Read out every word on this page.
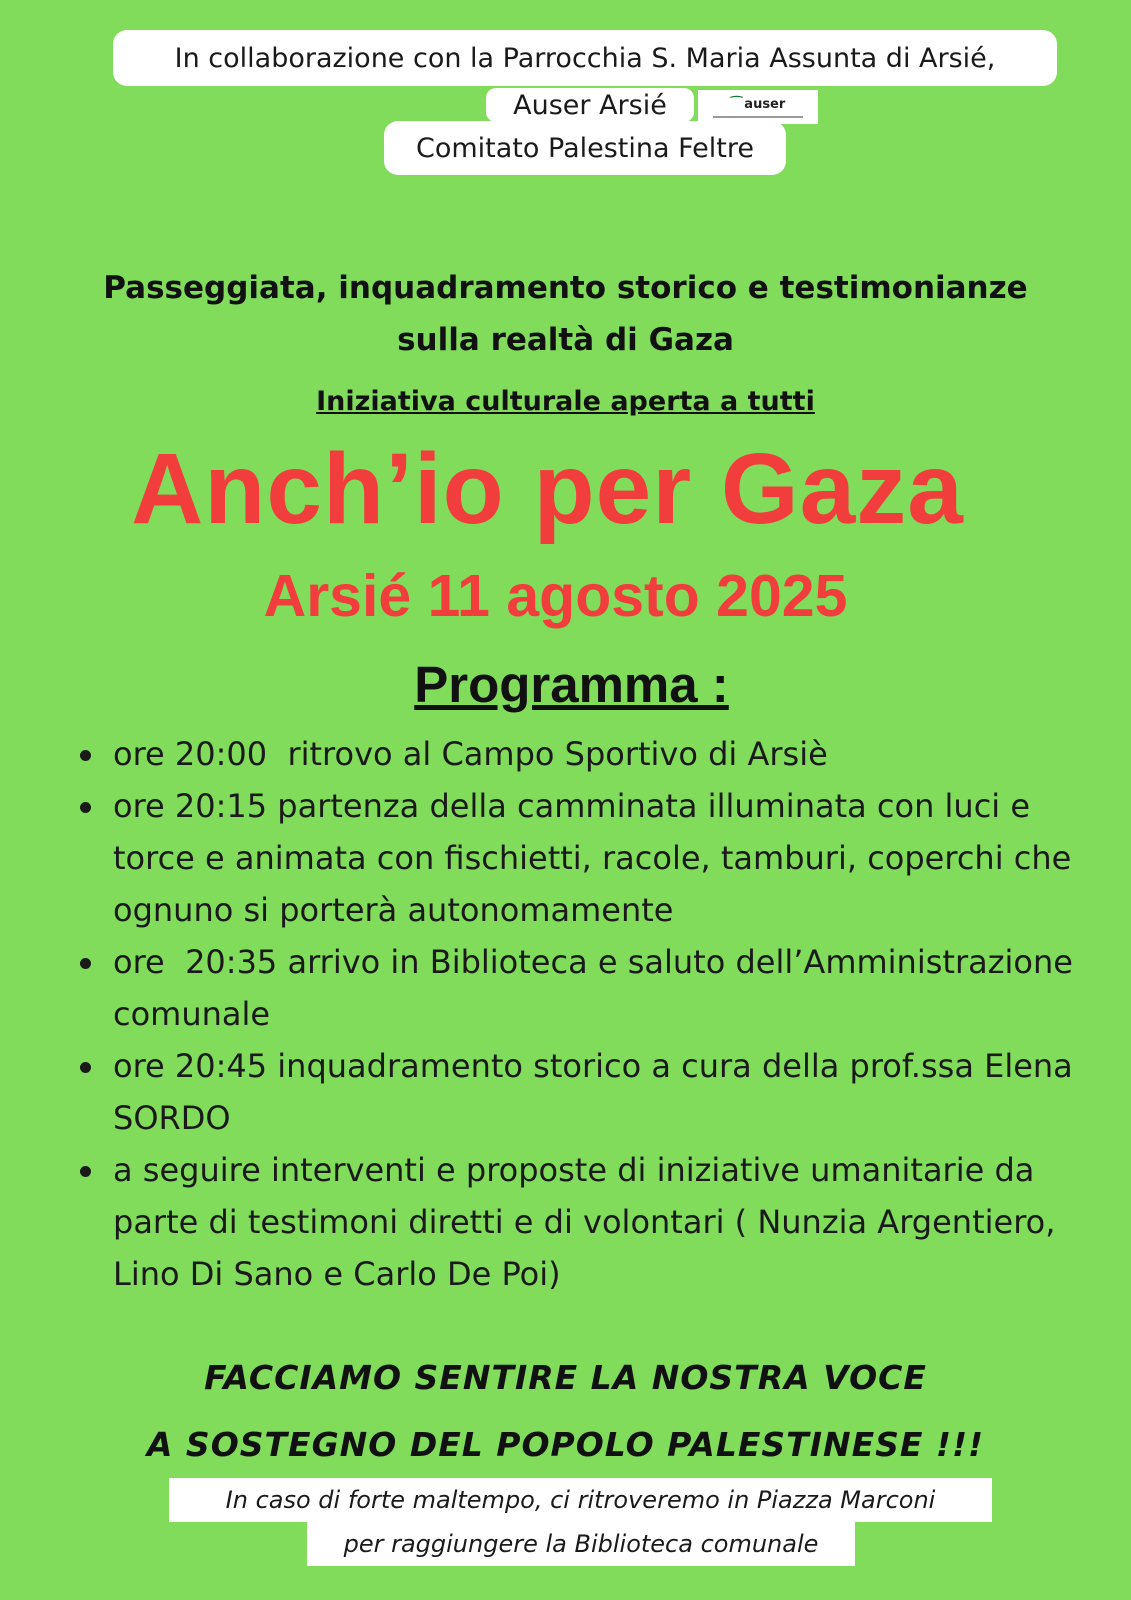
In collaborazione con la Parrocchia S. Maria Assunta di Arsié,
Auser Arsié	⁀ auser
Comitato Palestina Feltre
Passeggiata, inquadramento storico e testimonianze
sulla realtà di Gaza
Iniziativa culturale aperta a tutti
Anch’io per Gaza
Arsié 11 agosto 2025
Programma :
ore 20:00  ritrovo al Campo Sportivo di Arsiè
ore 20:15 partenza della camminata illuminata con luci e torce e animata con fischietti, racole, tamburi, coperchi che ognuno si porterà autonomamente
ore  20:35 arrivo in Biblioteca e saluto dell’Amministrazione comunale
ore 20:45 inquadramento storico a cura della prof.ssa Elena SORDO
a seguire interventi e proposte di iniziative umanitarie da parte di testimoni diretti e di volontari ( Nunzia Argentiero, Lino Di Sano e Carlo De Poi)
FACCIAMO SENTIRE LA NOSTRA VOCE
A SOSTEGNO DEL POPOLO PALESTINESE !!!
In caso di forte maltempo, ci ritroveremo in Piazza Marconi
per raggiungere la Biblioteca comunale
